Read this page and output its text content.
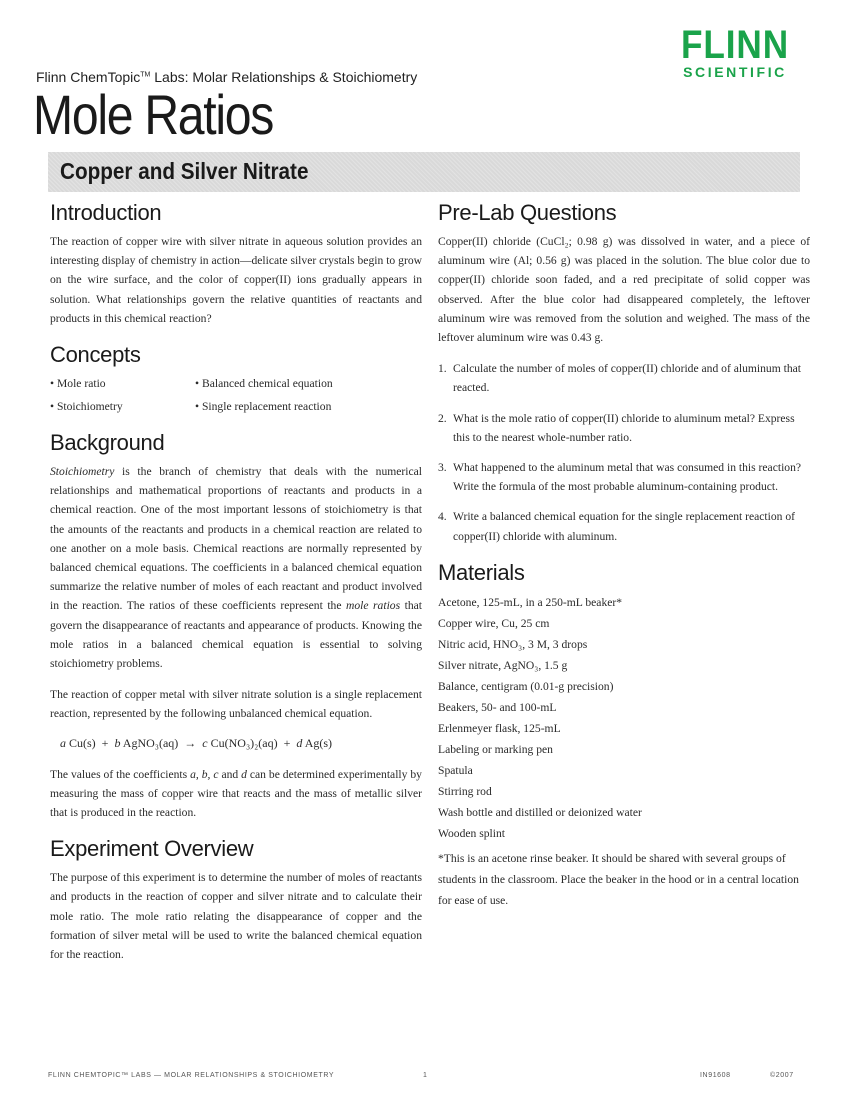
FLINN
SCIENTIFIC
Flinn ChemTopic™ Labs: Molar Relationships & Stoichiometry
Mole Ratios
Copper and Silver Nitrate
Introduction

The reaction of copper wire with silver nitrate in aqueous solution provides an interesting display of chemistry in action—delicate silver crystals begin to grow on the wire surface, and the color of copper(II) ions gradually appears in solution. What relationships govern the relative quantities of reactants and products in this chemical reaction?

Concepts
• Mole ratio	• Balanced chemical equation
• Stoichiometry	• Single replacement reaction
Background

Stoichiometry is the branch of chemistry that deals with the numerical relationships and mathematical proportions of reactants and products in a chemical reaction. One of the most important lessons of stoichiometry is that the amounts of the reactants and products in a chemical reaction are related to one another on a mole basis. Chemical reactions are normally represented by balanced chemical equations. The coefficients in a balanced chemical equation summarize the relative number of moles of each reactant and product involved in the reaction. The ratios of these coefficients represent the mole ratios that govern the disappearance of reactants and appearance of products. Knowing the mole ratios in a balanced chemical equation is essential to solving stoichiometry problems.

The reaction of copper metal with silver nitrate solution is a single replacement reaction, represented by the following unbalanced chemical equation.

a Cu(s)  +  b AgNO₃(aq)  →  c Cu(NO₃)₂(aq)  +  d Ag(s)

The values of the coefficients a, b, c and d can be determined experimentally by measuring the mass of copper wire that reacts and the mass of metallic silver that is produced in the reaction.

Experiment Overview

The purpose of this experiment is to determine the number of moles of reactants and products in the reaction of copper and silver nitrate and to calculate their mole ratio. The mole ratio relating the disappearance of copper and the formation of silver metal will be used to write the balanced chemical equation for the reaction.

Pre-Lab Questions

Copper(II) chloride (CuCl₂; 0.98 g) was dissolved in water, and a piece of aluminum wire (Al; 0.56 g) was placed in the solution. The blue color due to copper(II) chloride soon faded, and a red precipitate of solid copper was observed. After the blue color had disappeared completely, the leftover aluminum wire was removed from the solution and weighed. The mass of the leftover aluminum wire was 0.43 g.

1. Calculate the number of moles of copper(II) chloride and of aluminum that reacted.
2. What is the mole ratio of copper(II) chloride to aluminum metal? Express this to the nearest whole-number ratio.
3. What happened to the aluminum metal that was consumed in this reaction? Write the formula of the most probable aluminum-containing product.
4. Write a balanced chemical equation for the single replacement reaction of copper(II) chloride with aluminum.
Materials
Acetone, 125-mL, in a 250-mL beaker*
Copper wire, Cu, 25 cm
Nitric acid, HNO₃, 3 M, 3 drops
Silver nitrate, AgNO₃, 1.5 g
Balance, centigram (0.01-g precision)
Beakers, 50- and 100-mL
Erlenmeyer flask, 125-mL
Labeling or marking pen
Spatula
Stirring rod
Wash bottle and distilled or deionized water
Wooden splint
*This is an acetone rinse beaker. It should be shared with several groups of students in the classroom. Place the beaker in the hood or in a central location for ease of use.
FLINN CHEMTOPIC™ LABS — MOLAR RELATIONSHIPS & STOICHIOMETRY	1	IN91608	©2007
